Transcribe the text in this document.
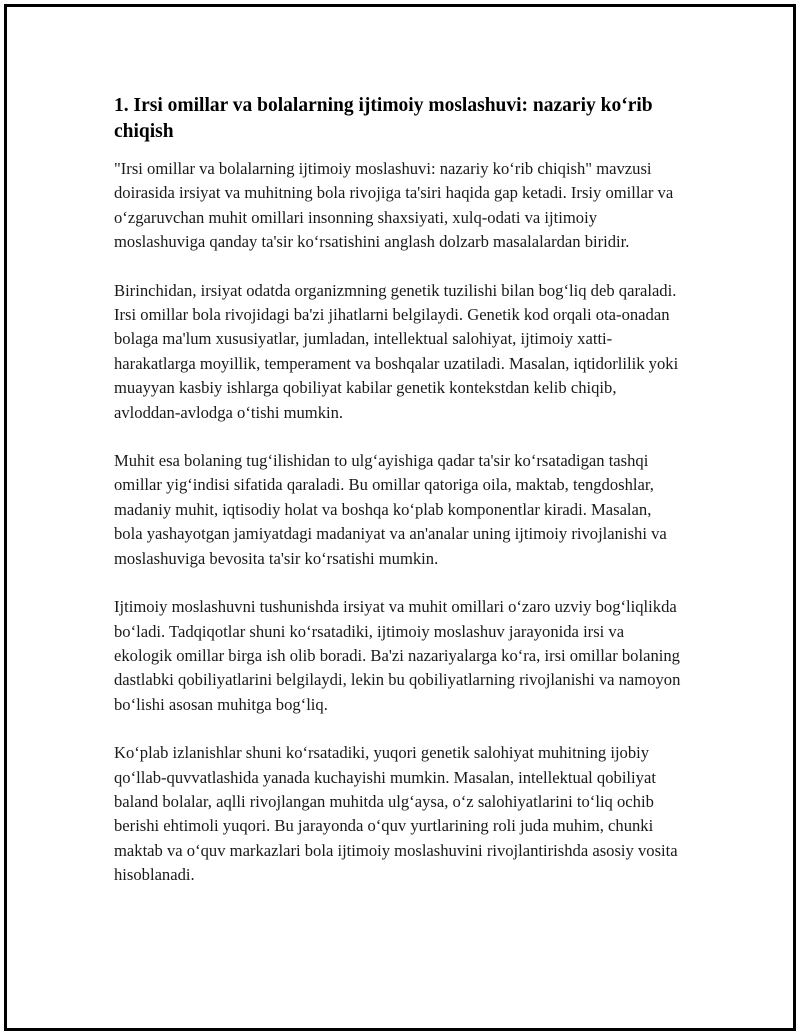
1. Irsi omillar va bolalarning ijtimoiy moslashuvi: nazariy ko‘rib chiqish

"Irsi omillar va bolalarning ijtimoiy moslashuvi: nazariy ko‘rib chiqish" mavzusi doirasida irsiyat va muhitning bola rivojiga ta'siri haqida gap ketadi. Irsiy omillar va o‘zgaruvchan muhit omillari insonning shaxsiyati, xulq-odati va ijtimoiy moslashuviga qanday ta'sir ko‘rsatishini anglash dolzarb masalalardan biridir.

Birinchidan, irsiyat odatda organizmning genetik tuzilishi bilan bog‘liq deb qaraladi. Irsi omillar bola rivojidagi ba'zi jihatlarni belgilaydi. Genetik kod orqali ota-onadan bolaga ma'lum xususiyatlar, jumladan, intellektual salohiyat, ijtimoiy xatti-harakatlarga moyillik, temperament va boshqalar uzatiladi. Masalan, iqtidorlilik yoki muayyan kasbiy ishlarga qobiliyat kabilar genetik kontekstdan kelib chiqib, avloddan-avlodga o‘tishi mumkin.

Muhit esa bolaning tug‘ilishidan to ulg‘ayishiga qadar ta'sir ko‘rsatadigan tashqi omillar yig‘indisi sifatida qaraladi. Bu omillar qatoriga oila, maktab, tengdoshlar, madaniy muhit, iqtisodiy holat va boshqa ko‘plab komponentlar kiradi. Masalan, bola yashayotgan jamiyatdagi madaniyat va an'analar uning ijtimoiy rivojlanishi va moslashuviga bevosita ta'sir ko‘rsatishi mumkin.

Ijtimoiy moslashuvni tushunishda irsiyat va muhit omillari o‘zaro uzviy bog‘liqlikda bo‘ladi. Tadqiqotlar shuni ko‘rsatadiki, ijtimoiy moslashuv jarayonida irsi va ekologik omillar birga ish olib boradi. Ba'zi nazariyalarga ko‘ra, irsi omillar bolaning dastlabki qobiliyatlarini belgilaydi, lekin bu qobiliyatlarning rivojlanishi va namoyon bo‘lishi asosan muhitga bog‘liq.

Ko‘plab izlanishlar shuni ko‘rsatadiki, yuqori genetik salohiyat muhitning ijobiy qo‘llab-quvvatlashida yanada kuchayishi mumkin. Masalan, intellektual qobiliyat baland bolalar, aqlli rivojlangan muhitda ulg‘aysa, o‘z salohiyatlarini to‘liq ochib berishi ehtimoli yuqori. Bu jarayonda o‘quv yurtlarining roli juda muhim, chunki maktab va o‘quv markazlari bola ijtimoiy moslashuvini rivojlantirishda asosiy vosita hisoblanadi.
